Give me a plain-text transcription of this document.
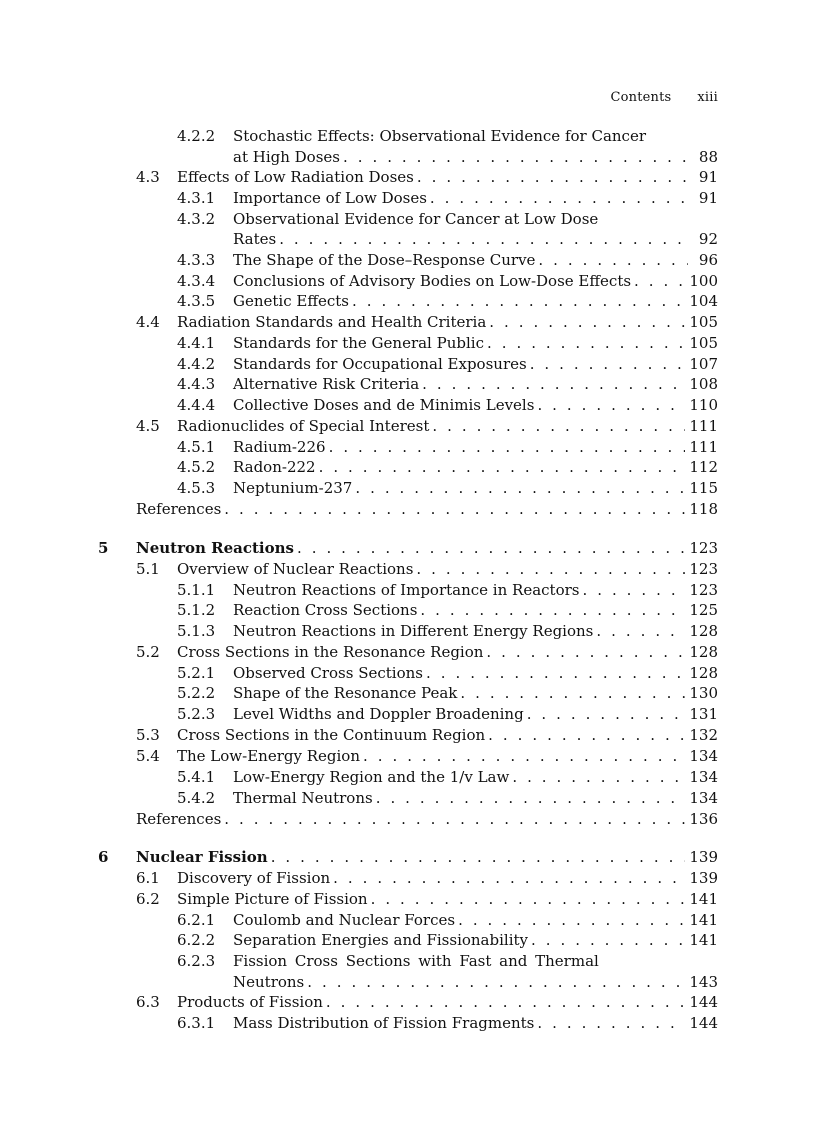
Contents xiii
4.2.2 Stochastic Effects: Observational Evidence for Cancer
at High Doses . . .	88
4.3 Effects of Low Radiation Doses . . .	91
4.3.1 Importance of Low Doses . . .	91
4.3.2 Observational Evidence for Cancer at Low Dose
Rates . . .	92
4.3.3 The Shape of the Dose–Response Curve . . .	96
4.3.4 Conclusions of Advisory Bodies on Low-Dose Effects . . .	100
4.3.5 Genetic Effects . . .	104
4.4 Radiation Standards and Health Criteria . . .	105
4.4.1 Standards for the General Public . . .	105
4.4.2 Standards for Occupational Exposures . . .	107
4.4.3 Alternative Risk Criteria . . .	108
4.4.4 Collective Doses and de Minimis Levels . . .	110
4.5 Radionuclides of Special Interest . . .	111
4.5.1 Radium-226 . . .	111
4.5.2 Radon-222 . . .	112
4.5.3 Neptunium-237 . . .	115
References . . .	118
5 Neutron Reactions . . .	123
5.1 Overview of Nuclear Reactions . . .	123
5.1.1 Neutron Reactions of Importance in Reactors . . .	123
5.1.2 Reaction Cross Sections . . .	125
5.1.3 Neutron Reactions in Different Energy Regions . . .	128
5.2 Cross Sections in the Resonance Region . . .	128
5.2.1 Observed Cross Sections . . .	128
5.2.2 Shape of the Resonance Peak . . .	130
5.2.3 Level Widths and Doppler Broadening . . .	131
5.3 Cross Sections in the Continuum Region . . .	132
5.4 The Low-Energy Region . . .	134
5.4.1 Low-Energy Region and the 1/v Law . . .	134
5.4.2 Thermal Neutrons . . .	134
References . . .	136
6 Nuclear Fission . . .	139
6.1 Discovery of Fission . . .	139
6.2 Simple Picture of Fission . . .	141
6.2.1 Coulomb and Nuclear Forces . . .	141
6.2.2 Separation Energies and Fissionability . . .	141
6.2.3 Fission Cross Sections with Fast and Thermal
Neutrons . . .	143
6.3 Products of Fission . . .	144
6.3.1 Mass Distribution of Fission Fragments . . .	144
